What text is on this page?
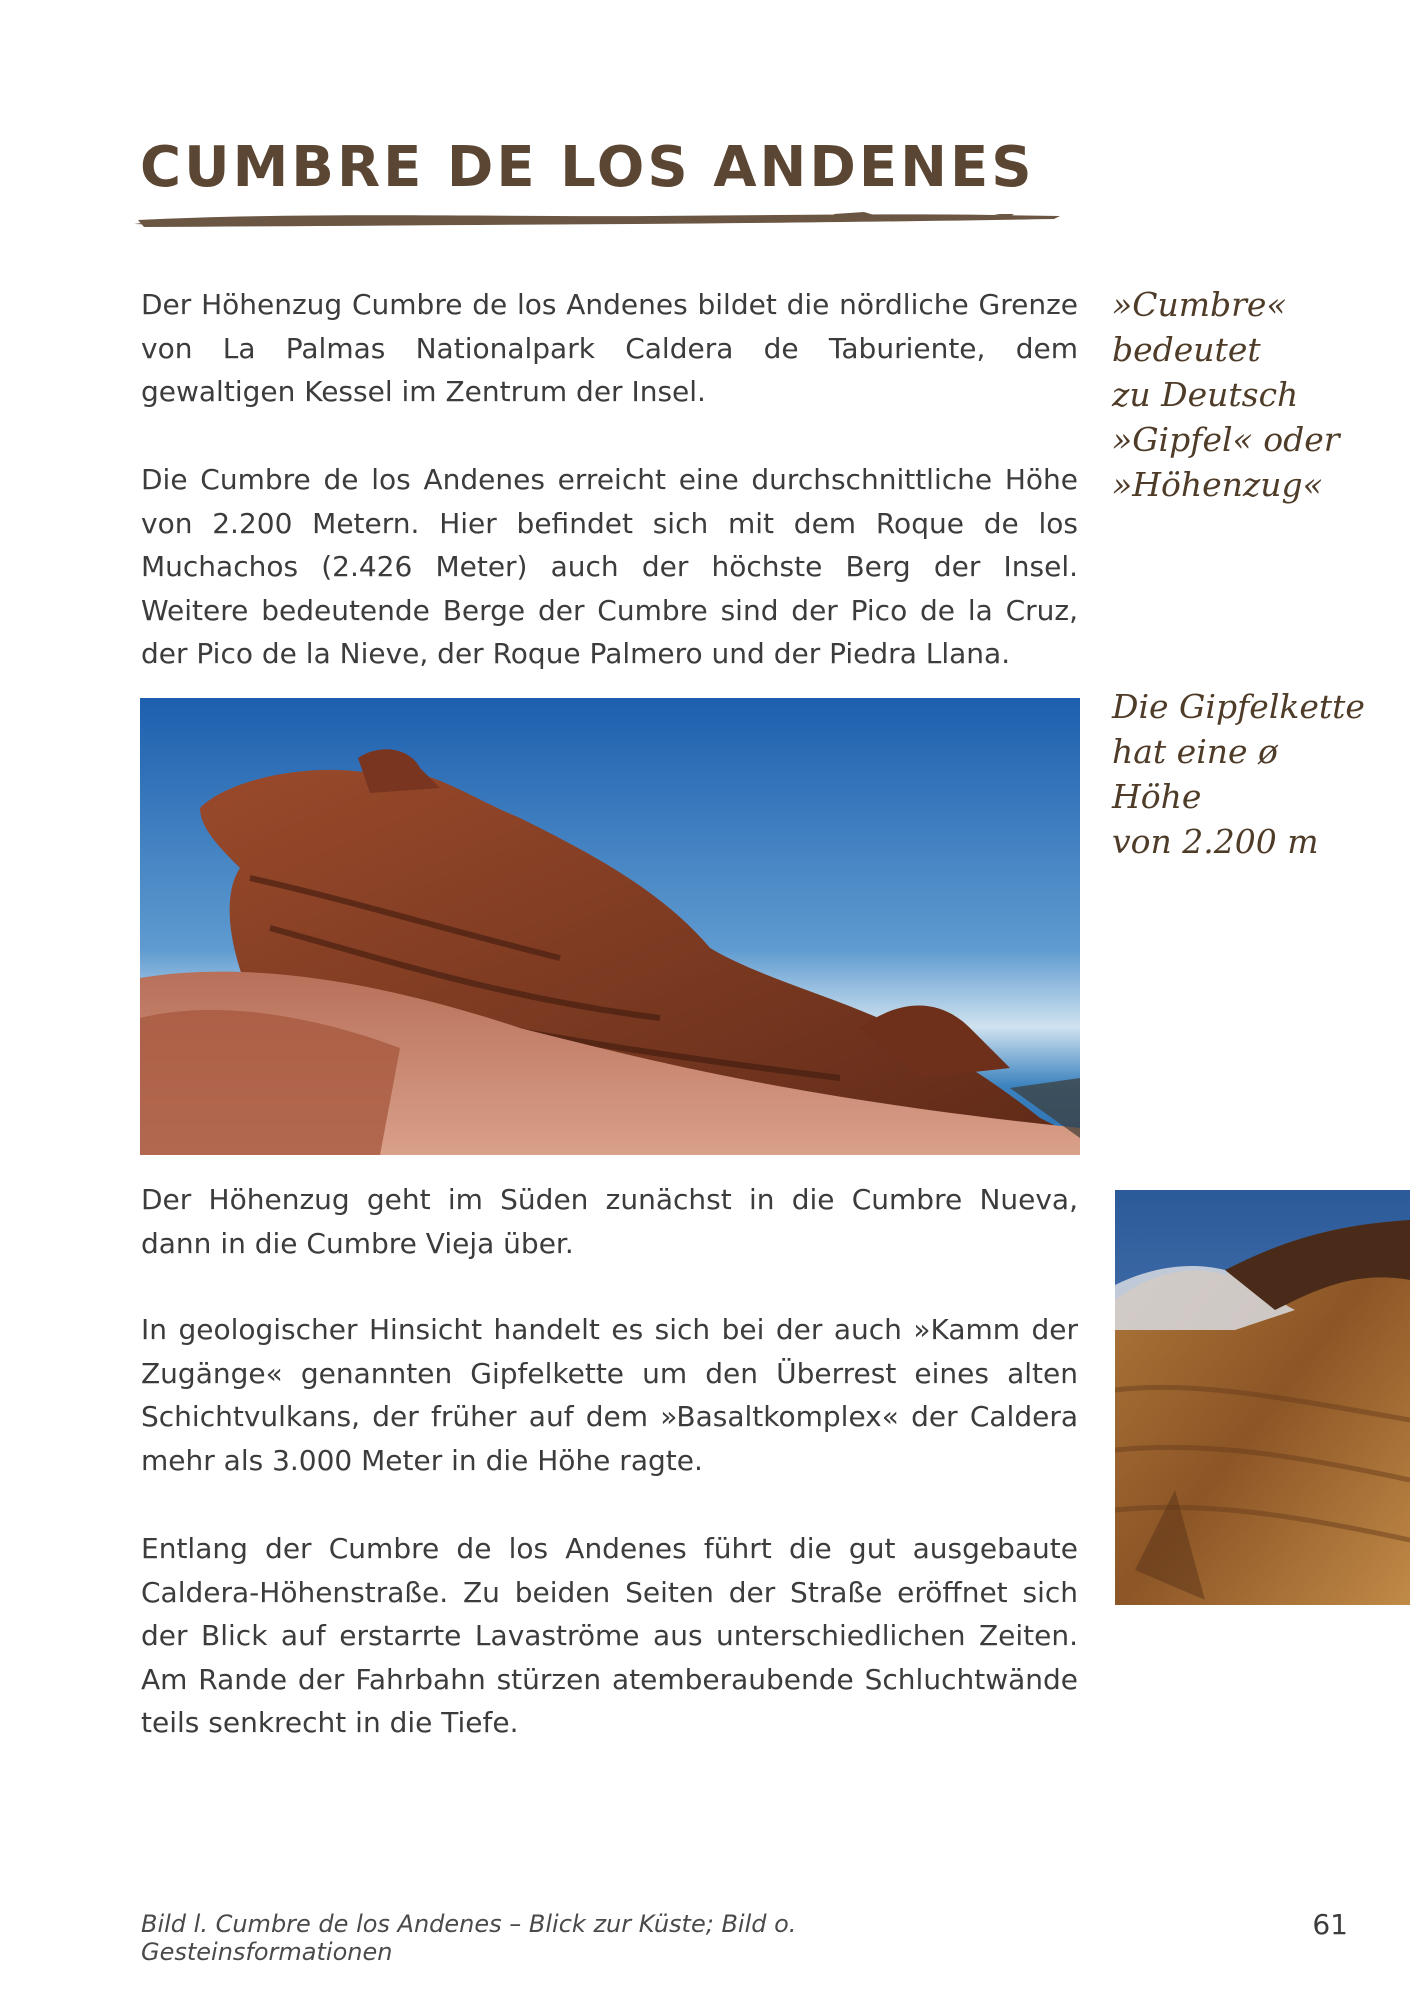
CUMBRE DE LOS ANDENES

Der Höhenzug Cumbre de los Andenes bildet die nördliche Grenze von La Palmas Nationalpark Caldera de Taburiente, dem gewaltigen Kessel im Zentrum der Insel.

Die Cumbre de los Andenes erreicht eine durchschnittliche Höhe von 2.200 Metern. Hier befindet sich mit dem Roque de los Muchachos (2.426 Meter) auch der höchste Berg der Insel. Weitere bedeutende Berge der Cumbre sind der Pico de la Cruz, der Pico de la Nieve, der Roque Palmero und der Piedra Llana.

»Cumbre«
bedeutet
zu Deutsch
»Gipfel« oder
»Höhenzug«
Die Gipfelkette
hat eine ø Höhe
von 2.200 m

Der Höhenzug geht im Süden zunächst in die Cumbre Nueva, dann in die Cumbre Vieja über.

In geologischer Hinsicht handelt es sich bei der auch »Kamm der Zugänge« genannten Gipfelkette um den Überrest eines alten Schichtvulkans, der früher auf dem »Basaltkomplex« der Caldera mehr als 3.000 Meter in die Höhe ragte.

Entlang der Cumbre de los Andenes führt die gut ausgebaute Caldera-Höhenstraße. Zu beiden Seiten der Straße eröffnet sich der Blick auf erstarrte Lavaströme aus unterschiedlichen Zeiten. Am Rande der Fahrbahn stürzen atemberaubende Schluchtwände teils senkrecht in die Tiefe.

Bild l. Cumbre de los Andenes – Blick zur Küste; Bild o. Gesteinsformationen

61
